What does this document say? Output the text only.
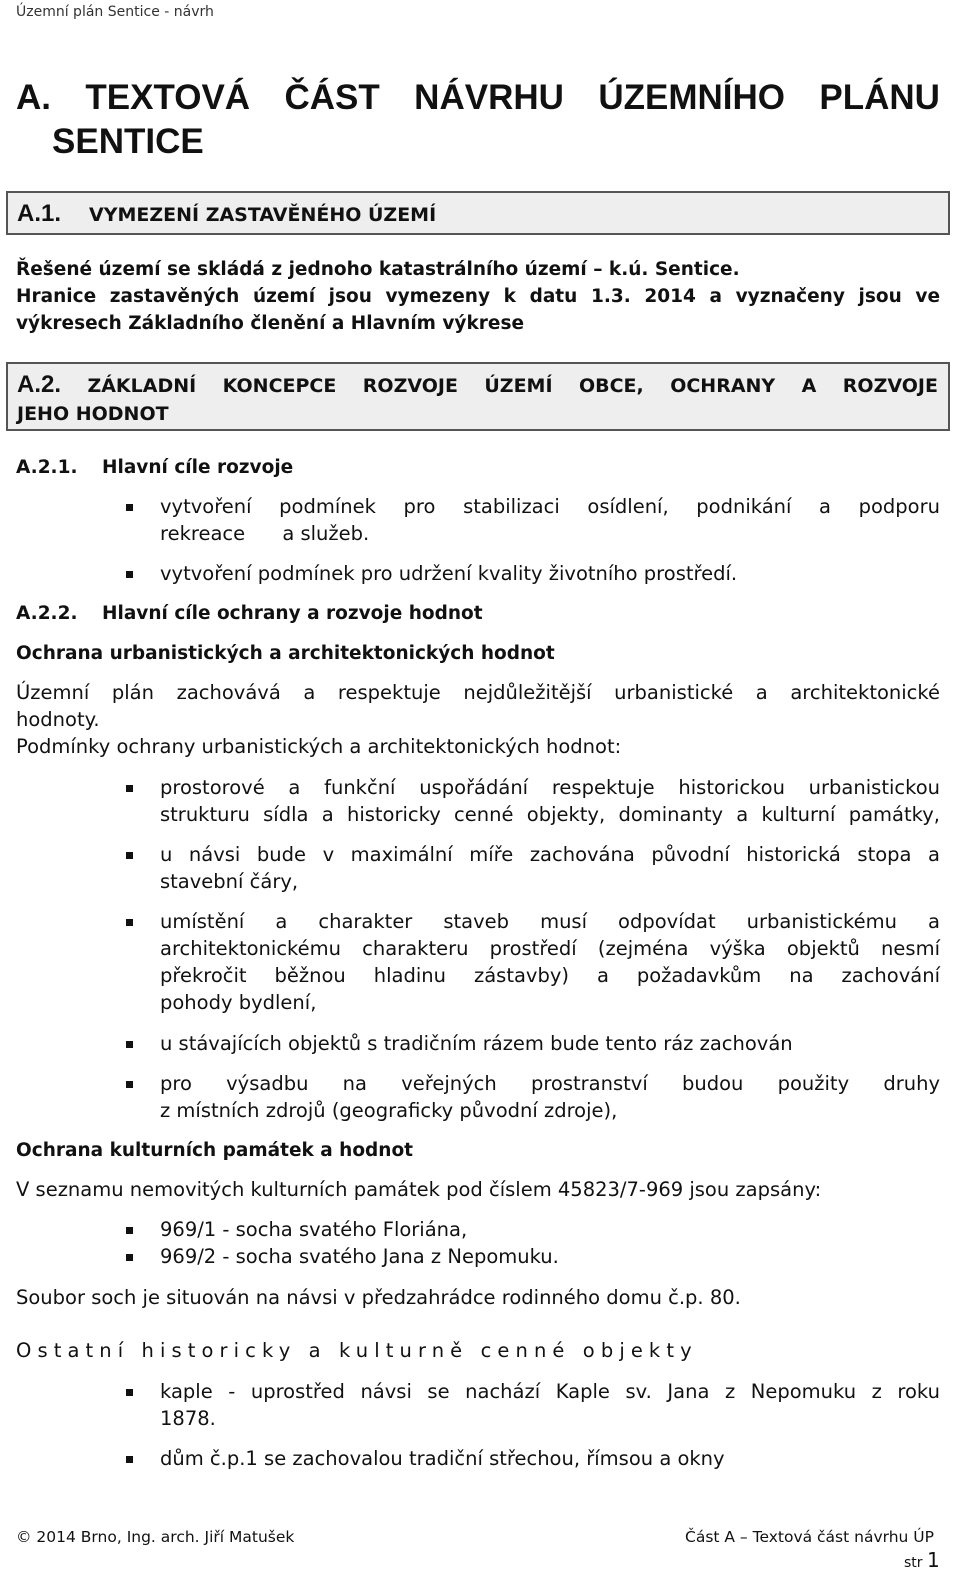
Územní plán Sentice - návrh
A. TEXTOVÁ ČÁST NÁVRHU ÚZEMNÍHO PLÁNU
SENTICE
A.1. VYMEZENÍ ZASTAVĚNÉHO ÚZEMÍ
Řešené území se skládá z jednoho katastrálního území – k.ú. Sentice.
Hranice zastavěných území jsou vymezeny k datu 1.3. 2014 a vyznačeny jsou ve
výkresech Základního členění a Hlavním výkrese
A.2. ZÁKLADNÍ KONCEPCE ROZVOJE ÚZEMÍ OBCE, OCHRANY A ROZVOJE
JEHO HODNOT
A.2.1.	Hlavní cíle rozvoje
vytvoření podmínek pro stabilizaci osídlení, podnikání a podporu
rekreace      a služeb.
vytvoření podmínek pro udržení kvality životního prostředí.
A.2.2.	Hlavní cíle ochrany a rozvoje hodnot
Ochrana urbanistických a architektonických hodnot
Územní plán zachovává a respektuje nejdůležitější urbanistické a architektonické
hodnoty.
Podmínky ochrany urbanistických a architektonických hodnot:
prostorové a funkční uspořádání respektuje historickou urbanistickou
strukturu sídla a historicky cenné objekty, dominanty a kulturní památky,
u návsi bude v maximální míře zachována původní historická stopa a
stavební čáry,
umístění a charakter staveb musí odpovídat urbanistickému a
architektonickému charakteru prostředí (zejména výška objektů nesmí
překročit běžnou hladinu zástavby) a požadavkům na zachování
pohody bydlení,
u stávajících objektů s tradičním rázem bude tento ráz zachován
pro výsadbu na veřejných prostranství budou použity druhy
z místních zdrojů (geograficky původní zdroje),
Ochrana kulturních památek a hodnot
V seznamu nemovitých kulturních památek pod číslem 45823/7-969 jsou zapsány:
969/1 - socha svatého Floriána,
969/2 - socha svatého Jana z Nepomuku.
Soubor soch je situován na návsi v předzahrádce rodinného domu č.p. 80.
Ostatní historicky a kulturně cenné objekty
kaple - uprostřed návsi se nachází Kaple sv. Jana z Nepomuku z roku
1878.
dům č.p.1 se zachovalou tradiční střechou, římsou a okny
© 2014 Brno, Ing. arch. Jiří Matušek	Část A – Textová část návrhu ÚP
str 1
